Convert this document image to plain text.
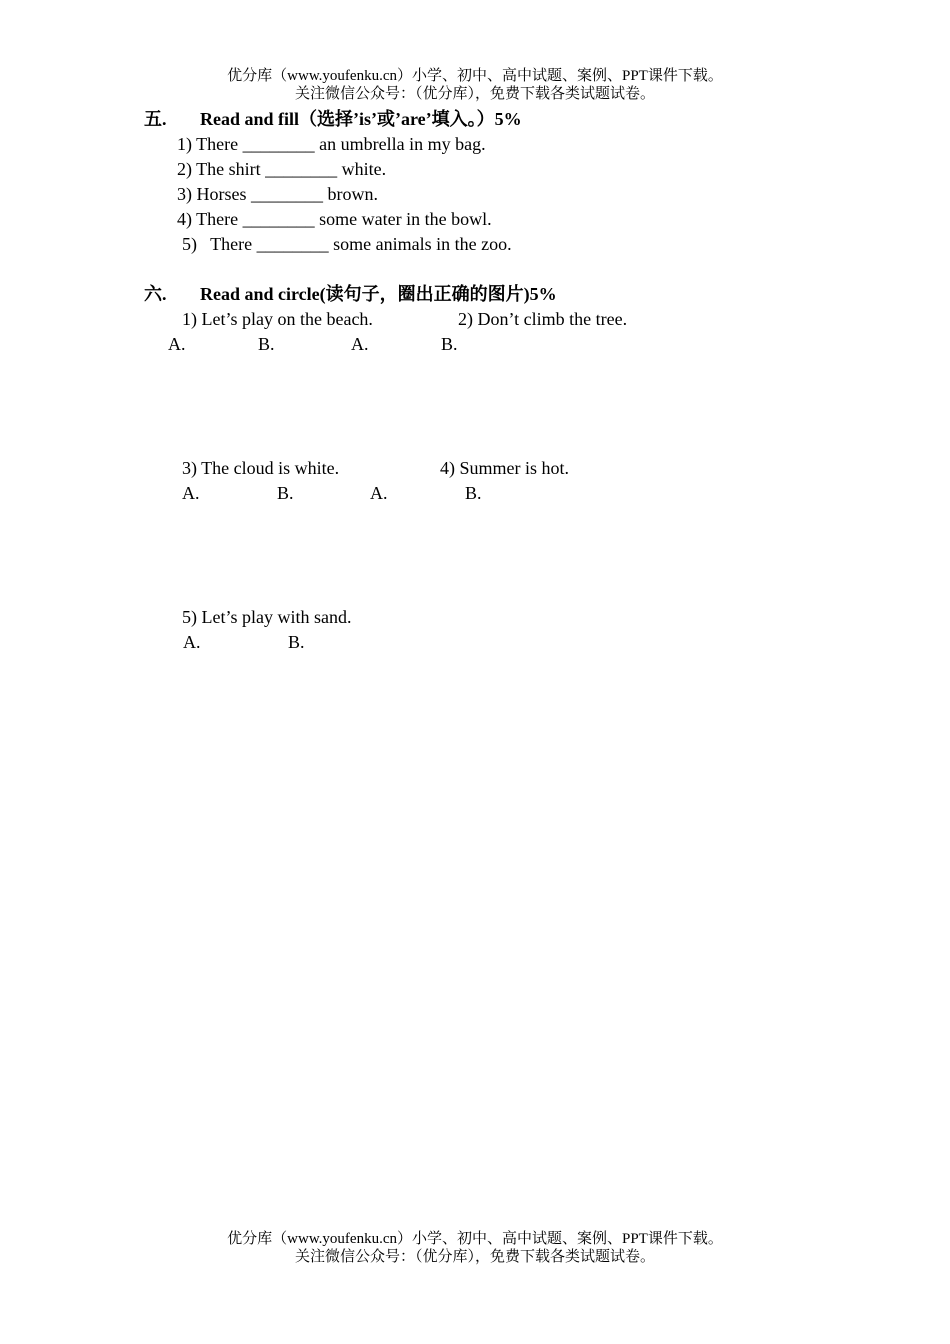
优分库（www.youfenku.cn）小学、初中、高中试题、案例、PPT课件下载。
关注微信公众号：（优分库），免费下载各类试题试卷。
五. Read and fill（选择’is’或’are’填入。）5%
1) There ________ an umbrella in my bag.
2) The shirt ________ white.
3) Horses ________ brown.
4) There ________ some water in the bowl.
5)   There ________ some animals in the zoo.
六. Read and circle(读句子，圈出正确的图片)5%
1) Let’s play on the beach.	2) Don’t climb the tree.
A.	B.	A.	B.
3) The cloud is white.	4) Summer is hot.
A.	B.	A.	B.
5) Let’s play with sand.
A.	B.
优分库（www.youfenku.cn）小学、初中、高中试题、案例、PPT课件下载。
关注微信公众号：（优分库），免费下载各类试题试卷。
